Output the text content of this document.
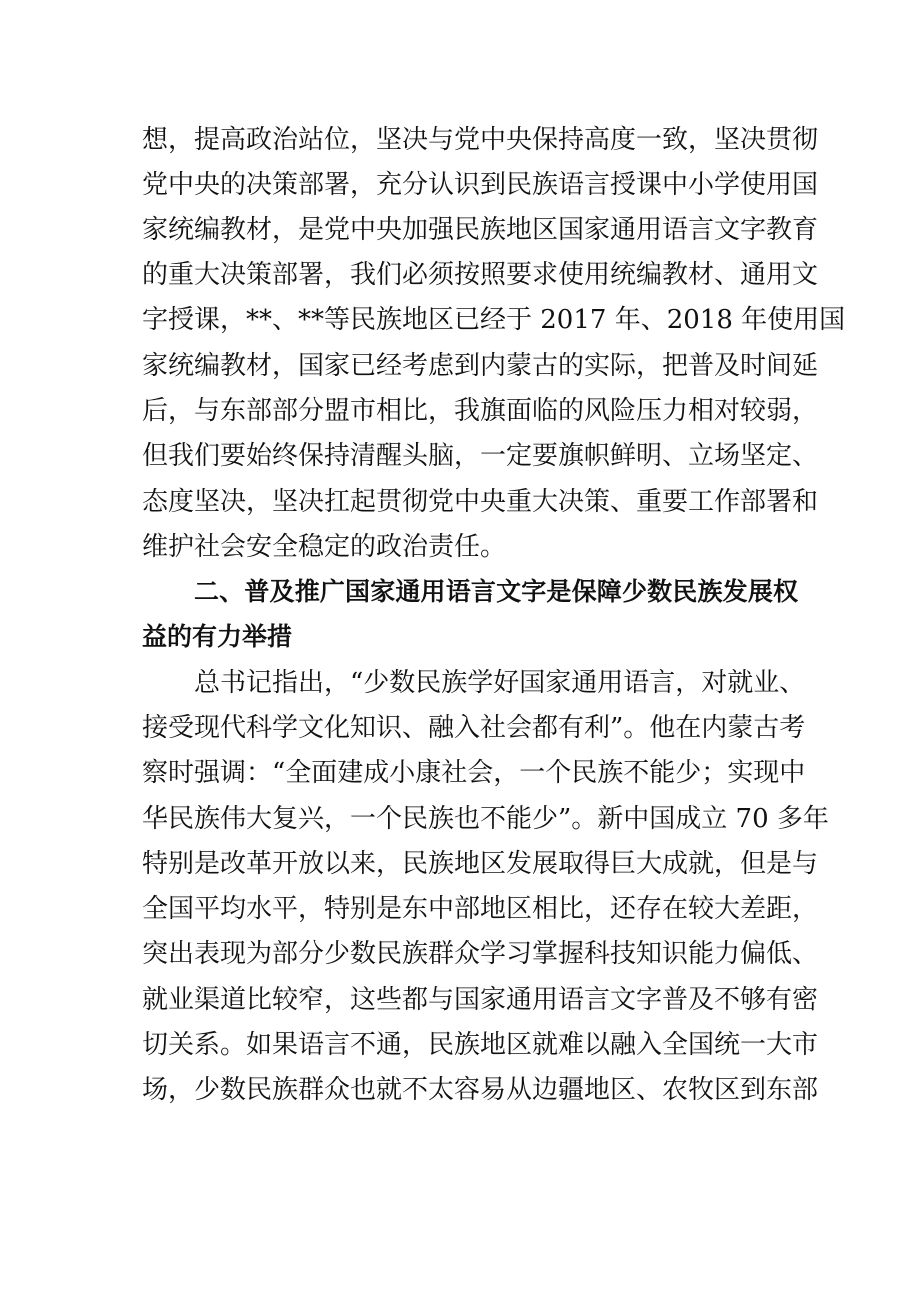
想，提高政治站位，坚决与党中央保持高度一致，坚决贯彻

党中央的决策部署，充分认识到民族语言授课中小学使用国

家统编教材，是党中央加强民族地区国家通用语言文字教育

的重大决策部署，我们必须按照要求使用统编教材、通用文

字授课，**、**等民族地区已经于 2017 年、2018 年使用国

家统编教材，国家已经考虑到内蒙古的实际，把普及时间延

后，与东部部分盟市相比，我旗面临的风险压力相对较弱，

但我们要始终保持清醒头脑，一定要旗帜鲜明、立场坚定、

态度坚决，坚决扛起贯彻党中央重大决策、重要工作部署和

维护社会安全稳定的政治责任。

二、普及推广国家通用语言文字是保障少数民族发展权

益的有力举措

总书记指出，“少数民族学好国家通用语言，对就业、

接受现代科学文化知识、融入社会都有利”。他在内蒙古考

察时强调：“全面建成小康社会，一个民族不能少；实现中

华民族伟大复兴，一个民族也不能少”。新中国成立 70 多年

特别是改革开放以来，民族地区发展取得巨大成就，但是与

全国平均水平，特别是东中部地区相比，还存在较大差距，

突出表现为部分少数民族群众学习掌握科技知识能力偏低、

就业渠道比较窄，这些都与国家通用语言文字普及不够有密

切关系。如果语言不通，民族地区就难以融入全国统一大市

场，少数民族群众也就不太容易从边疆地区、农牧区到东部
